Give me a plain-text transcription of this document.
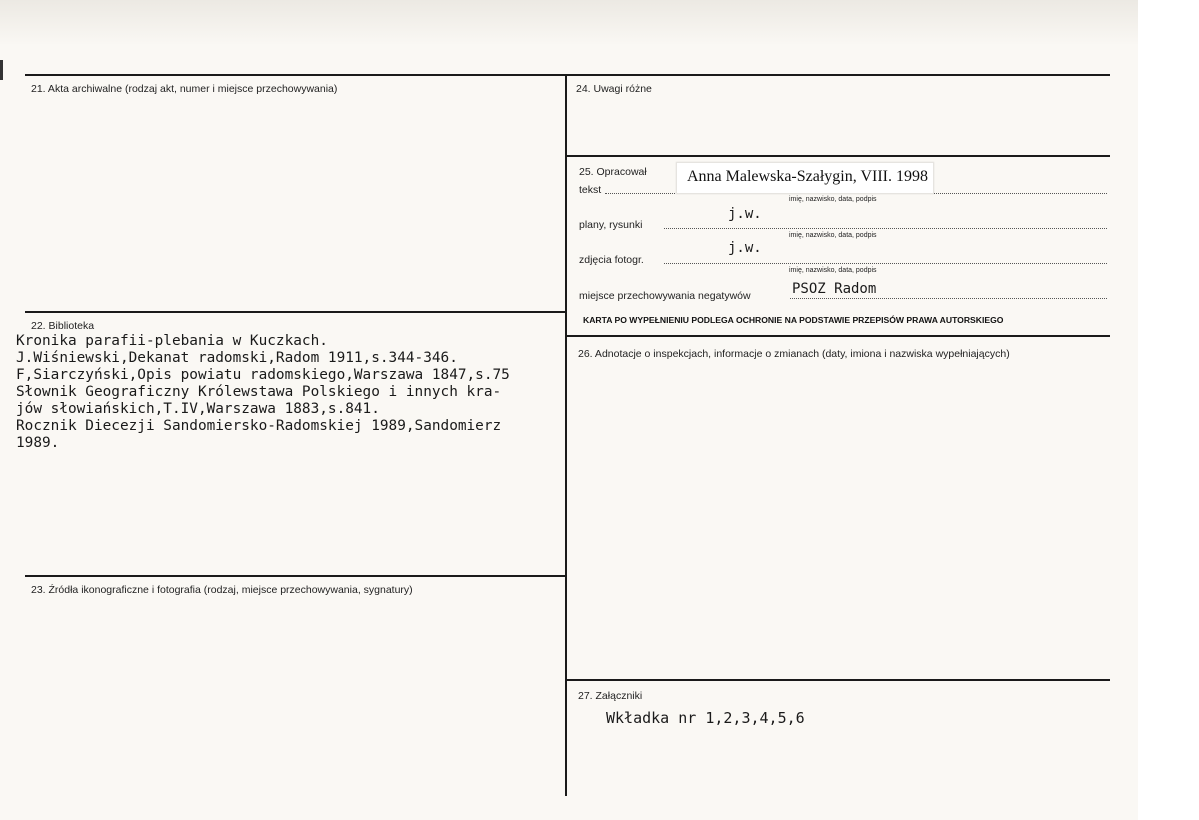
21. Akta archiwalne (rodzaj akt, numer i miejsce przechowywania)
22. Biblioteka
Kronika parafii-plebania w Kuczkach.
J.Wiśniewski,Dekanat radomski,Radom 1911,s.344-346.
F,Siarczyński,Opis powiatu radomskiego,Warszawa 1847,s.75
Słownik Geograficzny Królewstawa Polskiego i innych kra-
jów słowiańskich,T.IV,Warszawa 1883,s.841.
Rocznik Diecezji Sandomiersko-Radomskiej 1989,Sandomierz
1989.
23. Źródła ikonograficzne i fotografia (rodzaj, miejsce przechowywania, sygnatury)
24. Uwagi różne
25. Opracował
tekst
Anna Malewska-Szałygin, VIII. 1998
imię, nazwisko, data, podpis
plany, rysunki
j.w.
imię, nazwisko, data, podpis
zdjęcia fotogr.
j.w.
imię, nazwisko, data, podpis
miejsce przechowywania negatywów	PSOZ Radom
KARTA PO WYPEŁNIENIU PODLEGA OCHRONIE NA PODSTAWIE PRZEPISÓW PRAWA AUTORSKIEGO
26. Adnotacje o inspekcjach, informacje o zmianach (daty, imiona i nazwiska wypełniających)
27. Załączniki
Wkładka nr 1,2,3,4,5,6
